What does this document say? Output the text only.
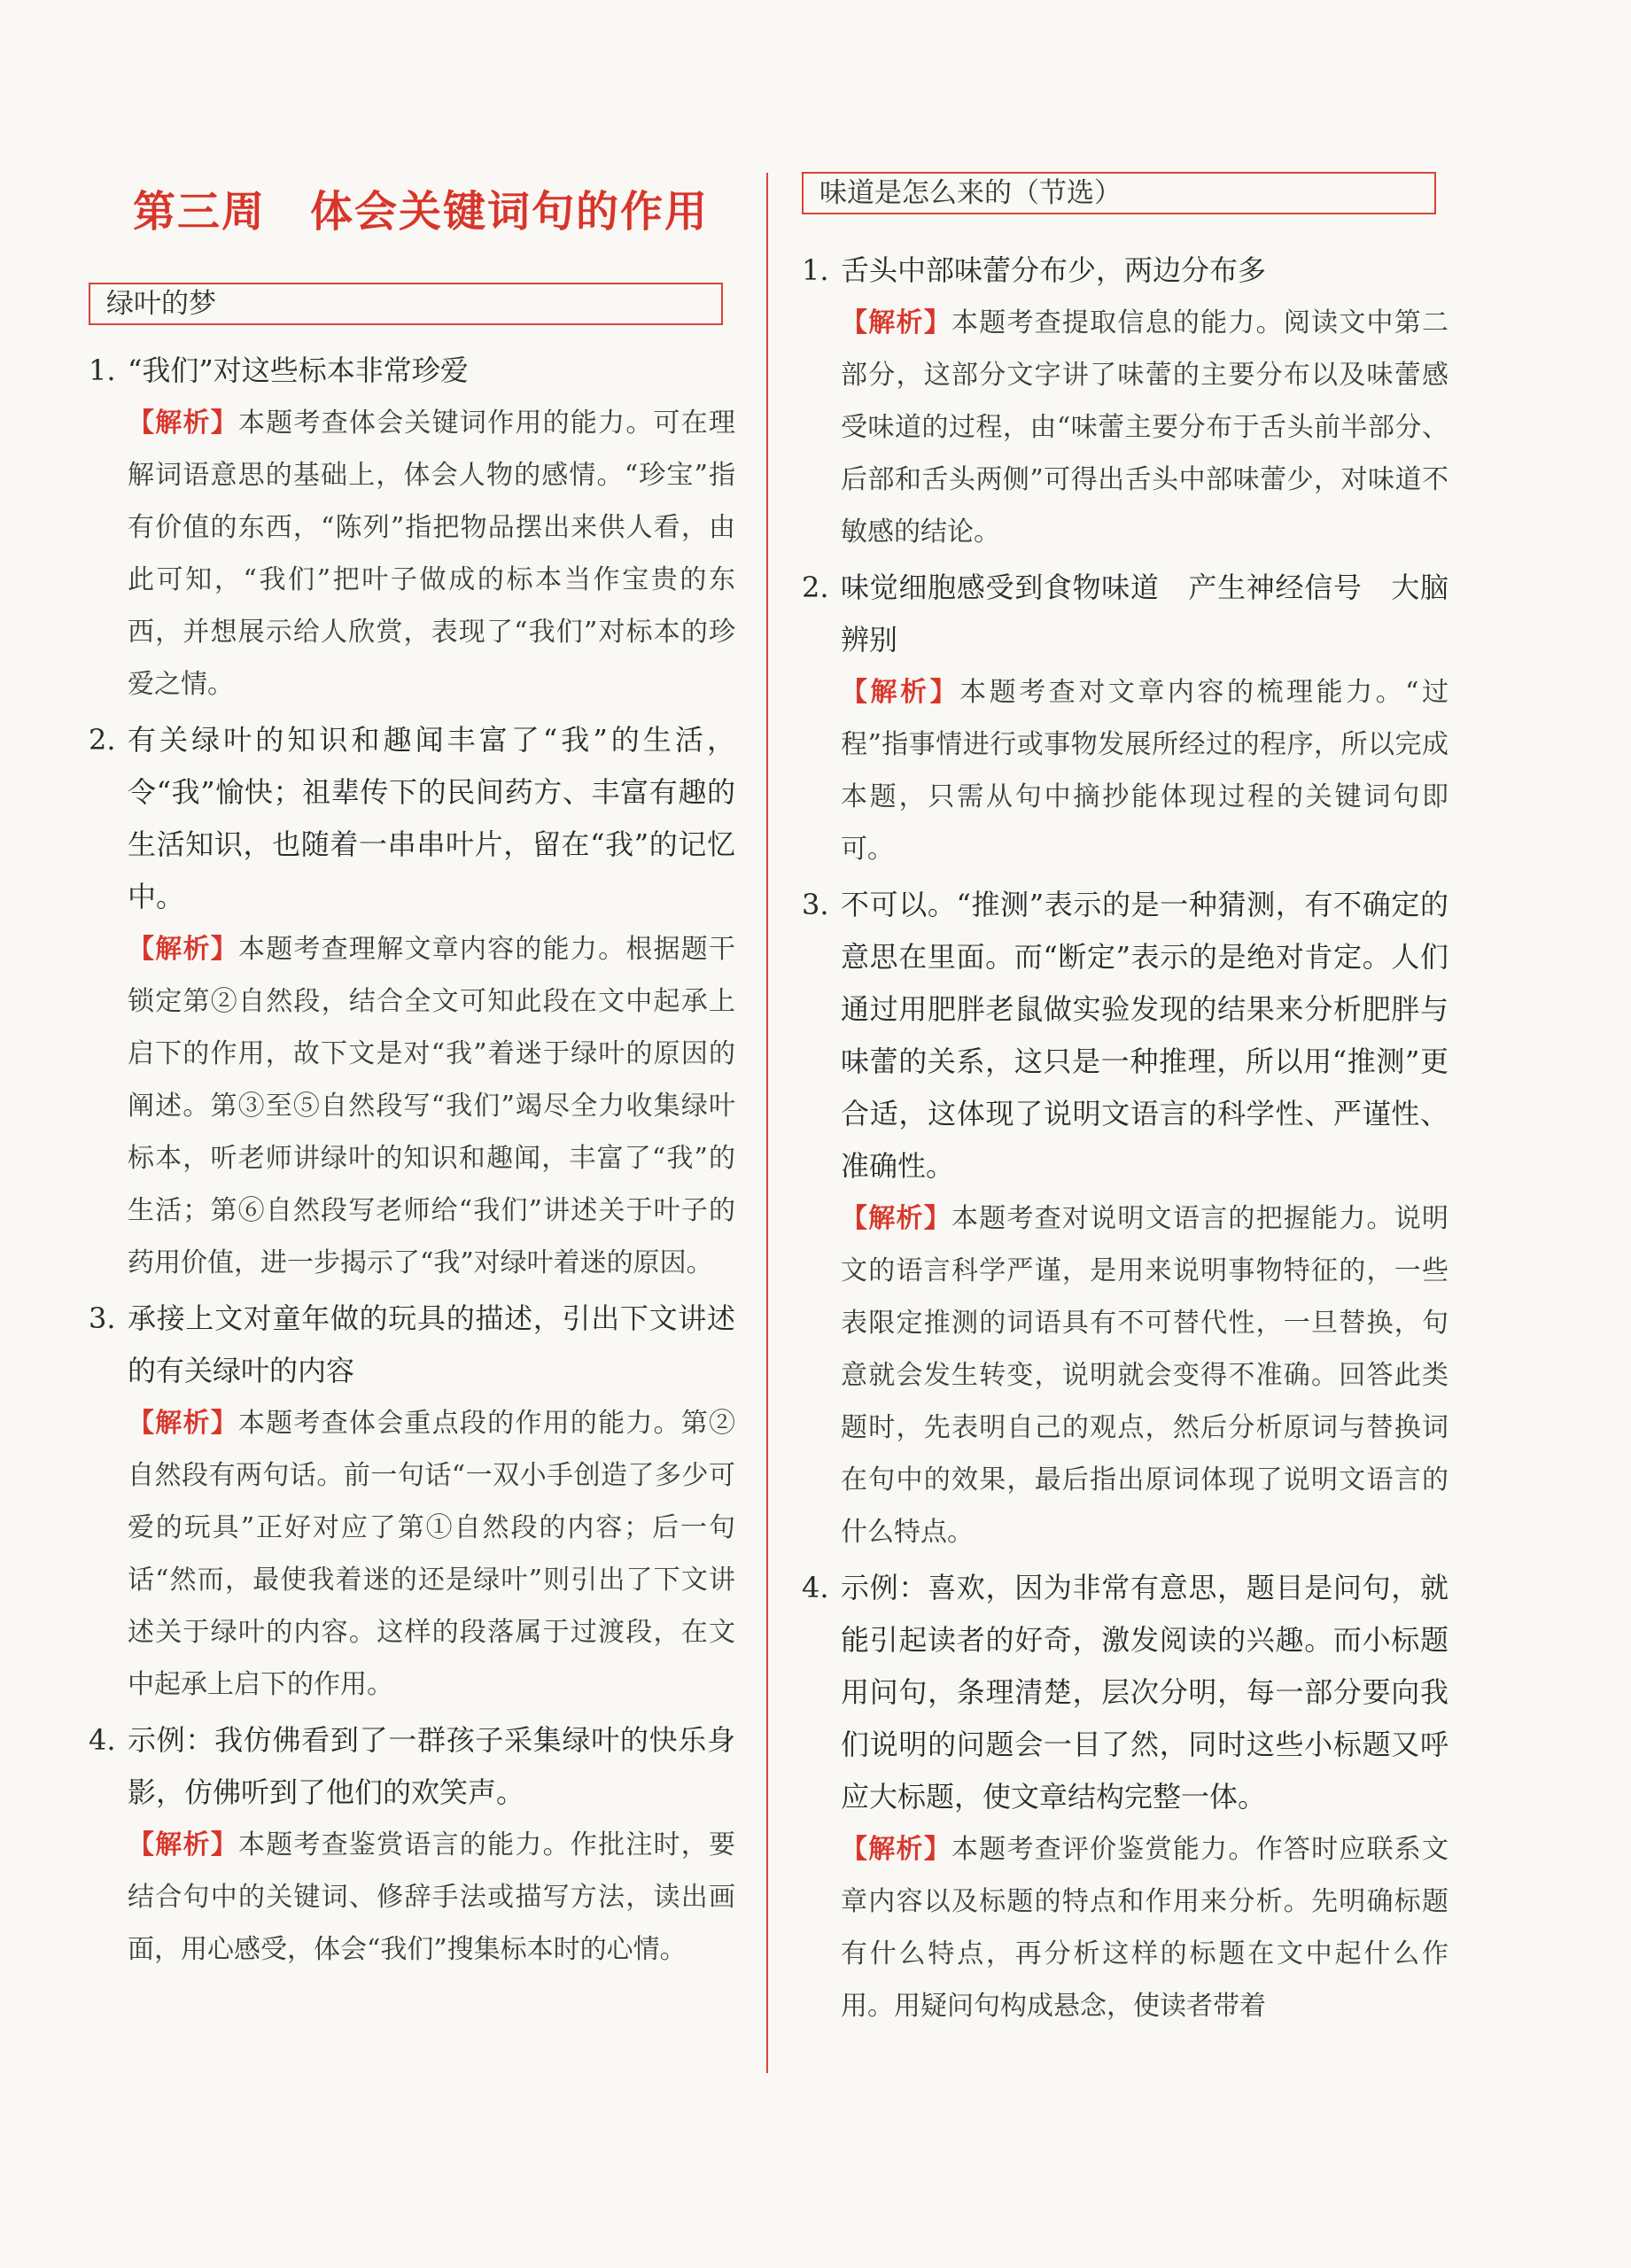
第三周　体会关键词句的作用
绿叶的梦
1. “我们”对这些标本非常珍爱
【解析】本题考查体会关键词作用的能力。可在理解词语意思的基础上，体会人物的感情。“珍宝”指有价值的东西，“陈列”指把物品摆出来供人看，由此可知，“我们”把叶子做成的标本当作宝贵的东西，并想展示给人欣赏，表现了“我们”对标本的珍爱之情。
2. 有关绿叶的知识和趣闻丰富了“我”的生活，令“我”愉快；祖辈传下的民间药方、丰富有趣的生活知识，也随着一串串叶片，留在“我”的记忆中。
【解析】本题考查理解文章内容的能力。根据题干锁定第②自然段，结合全文可知此段在文中起承上启下的作用，故下文是对“我”着迷于绿叶的原因的阐述。第③至⑤自然段写“我们”竭尽全力收集绿叶标本，听老师讲绿叶的知识和趣闻，丰富了“我”的生活；第⑥自然段写老师给“我们”讲述关于叶子的药用价值，进一步揭示了“我”对绿叶着迷的原因。
3. 承接上文对童年做的玩具的描述，引出下文讲述的有关绿叶的内容
【解析】本题考查体会重点段的作用的能力。第②自然段有两句话。前一句话“一双小手创造了多少可爱的玩具”正好对应了第①自然段的内容；后一句话“然而，最使我着迷的还是绿叶”则引出了下文讲述关于绿叶的内容。这样的段落属于过渡段，在文中起承上启下的作用。
4. 示例：我仿佛看到了一群孩子采集绿叶的快乐身影，仿佛听到了他们的欢笑声。
【解析】本题考查鉴赏语言的能力。作批注时，要结合句中的关键词、修辞手法或描写方法，读出画面，用心感受，体会“我们”搜集标本时的心情。
味道是怎么来的（节选）
1. 舌头中部味蕾分布少，两边分布多
【解析】本题考查提取信息的能力。阅读文中第二部分，这部分文字讲了味蕾的主要分布以及味蕾感受味道的过程，由“味蕾主要分布于舌头前半部分、后部和舌头两侧”可得出舌头中部味蕾少，对味道不敏感的结论。
2. 味觉细胞感受到食物味道　产生神经信号　大脑辨别
【解析】本题考查对文章内容的梳理能力。“过程”指事情进行或事物发展所经过的程序，所以完成本题，只需从句中摘抄能体现过程的关键词句即可。
3. 不可以。“推测”表示的是一种猜测，有不确定的意思在里面。而“断定”表示的是绝对肯定。人们通过用肥胖老鼠做实验发现的结果来分析肥胖与味蕾的关系，这只是一种推理，所以用“推测”更合适，这体现了说明文语言的科学性、严谨性、准确性。
【解析】本题考查对说明文语言的把握能力。说明文的语言科学严谨，是用来说明事物特征的，一些表限定推测的词语具有不可替代性，一旦替换，句意就会发生转变，说明就会变得不准确。回答此类题时，先表明自己的观点，然后分析原词与替换词在句中的效果，最后指出原词体现了说明文语言的什么特点。
4. 示例：喜欢，因为非常有意思，题目是问句，就能引起读者的好奇，激发阅读的兴趣。而小标题用问句，条理清楚，层次分明，每一部分要向我们说明的问题会一目了然，同时这些小标题又呼应大标题，使文章结构完整一体。
【解析】本题考查评价鉴赏能力。作答时应联系文章内容以及标题的特点和作用来分析。先明确标题有什么特点，再分析这样的标题在文中起什么作用。用疑问句构成悬念，使读者带着
